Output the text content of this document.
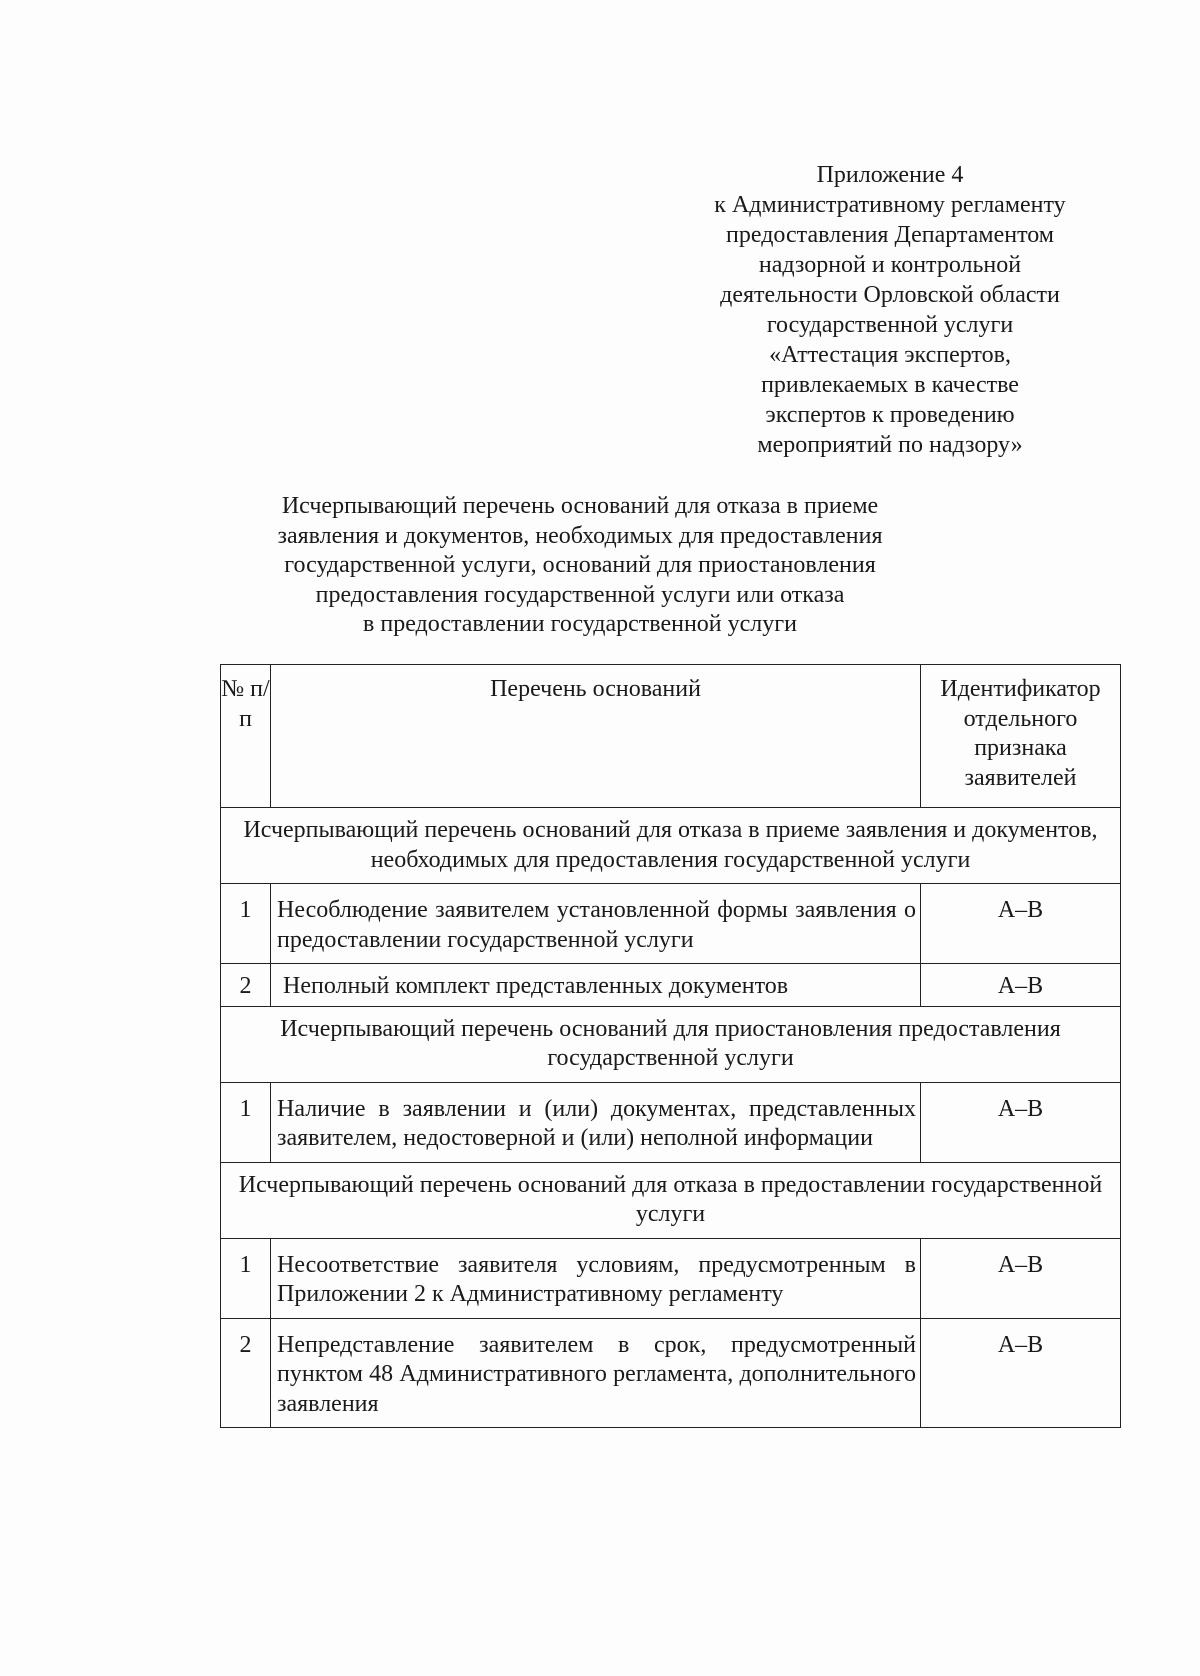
Приложение 4
к Административному регламенту
предоставления Департаментом
надзорной и контрольной
деятельности Орловской области
государственной услуги
«Аттестация экспертов,
привлекаемых в качестве
экспертов к проведению
мероприятий по надзору»
Исчерпывающий перечень оснований для отказа в приеме
заявления и документов, необходимых для предоставления
государственной услуги, оснований для приостановления
предоставления государственной услуги или отказа
в предоставлении государственной услуги
№ п/п	Перечень оснований	Идентификатор отдельного признака заявителей
Исчерпывающий перечень оснований для отказа в приеме заявления и документов, необходимых для предоставления государственной услуги		
1	Несоблюдение заявителем установленной формы заявления о предоставлении государственной услуги	А–В
2	Неполный комплект представленных документов	А–В
Исчерпывающий перечень оснований для приостановления предоставления государственной услуги		
1	Наличие в заявлении и (или) документах, представленных заявителем, недостоверной и (или) неполной информации	А–В
Исчерпывающий перечень оснований для отказа в предоставлении государственной услуги		
1	Несоответствие заявителя условиям, предусмотренным в Приложении 2 к Административному регламенту	А–В
2	Непредставление заявителем в срок, предусмотренный пунктом 48 Административного регламента, дополнительного заявления	А–В
